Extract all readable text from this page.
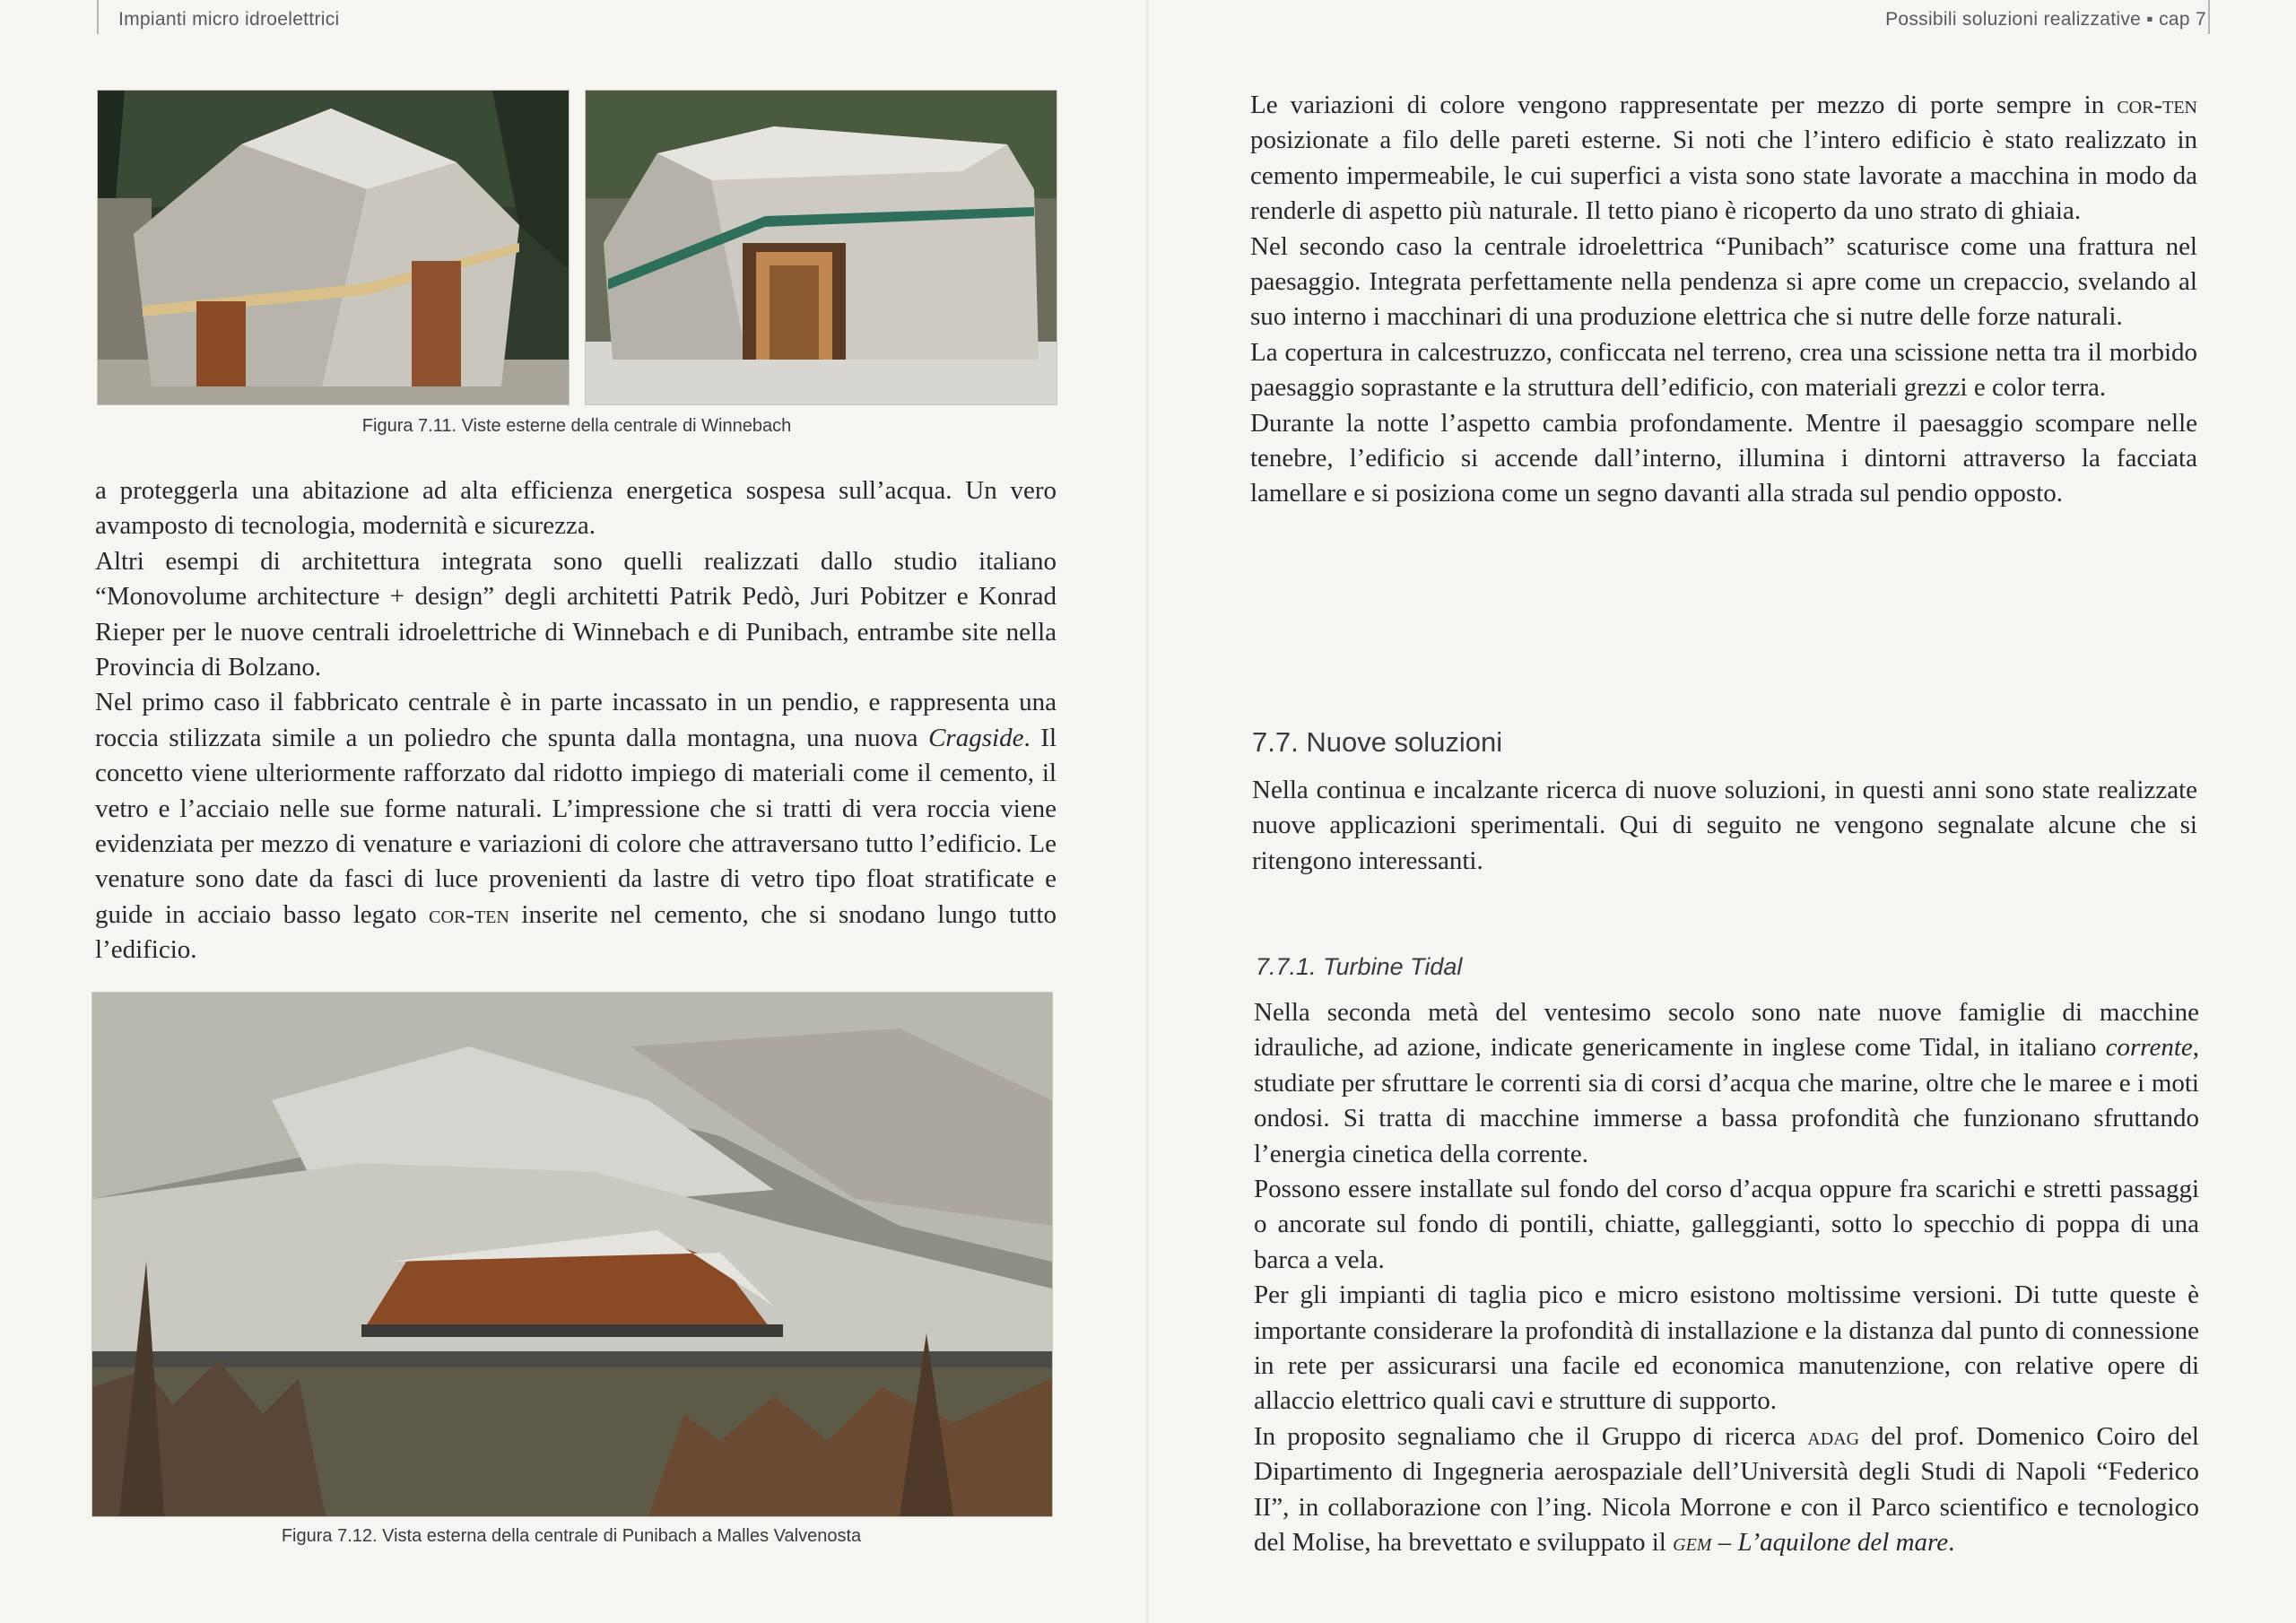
Impianti micro idroelettrici
Figura 7.11. Viste esterne della centrale di Winnebach

a proteggerla una abitazione ad alta efficienza energetica sospesa sull’acqua. Un vero avamposto di tecnologia, modernità e sicurezza.

Altri esempi di architettura integrata sono quelli realizzati dallo studio italiano “Monovolume architecture + design” degli architetti Patrik Pedò, Juri Pobitzer e Konrad Rieper per le nuove centrali idroelettriche di Winnebach e di Punibach, entrambe site nella Provincia di Bolzano.

Nel primo caso il fabbricato centrale è in parte incassato in un pendio, e rappresenta una roccia stilizzata simile a un poliedro che spunta dalla montagna, una nuova Cragside. Il concetto viene ulteriormente rafforzato dal ridotto impiego di materiali come il cemento, il vetro e l’acciaio nelle sue forme naturali. L’impressione che si tratti di vera roccia viene evidenziata per mezzo di venature e variazioni di colore che attraversano tutto l’edificio. Le venature sono date da fasci di luce provenienti da lastre di vetro tipo float stratificate e guide in acciaio basso legato cor-ten inserite nel cemento, che si snodano lungo tutto l’edificio.

Figura 7.12. Vista esterna della centrale di Punibach a Malles Valvenosta
Possibili soluzioni realizzative ▪ cap 7

Le variazioni di colore vengono rappresentate per mezzo di porte sempre in cor-ten posizionate a filo delle pareti esterne. Si noti che l’intero edificio è stato realizzato in cemento impermeabile, le cui superfici a vista sono state lavorate a macchina in modo da renderle di aspetto più naturale. Il tetto piano è ricoperto da uno strato di ghiaia.

Nel secondo caso la centrale idroelettrica “Punibach” scaturisce come una frattura nel paesaggio. Integrata perfettamente nella pendenza si apre come un crepaccio, svelando al suo interno i macchinari di una produzione elettrica che si nutre delle forze naturali.

La copertura in calcestruzzo, conficcata nel terreno, crea una scissione netta tra il morbido paesaggio soprastante e la struttura dell’edificio, con materiali grezzi e color terra.

Durante la notte l’aspetto cambia profondamente. Mentre il paesaggio scompare nelle tenebre, l’edificio si accende dall’interno, illumina i dintorni attraverso la facciata lamellare e si posiziona come un segno davanti alla strada sul pendio opposto.

7.7. Nuove soluzioni

Nella continua e incalzante ricerca di nuove soluzioni, in questi anni sono state realizzate nuove applicazioni sperimentali. Qui di seguito ne vengono segnalate alcune che si ritengono interessanti.

7.7.1. Turbine Tidal

Nella seconda metà del ventesimo secolo sono nate nuove famiglie di macchine idrauliche, ad azione, indicate genericamente in inglese come Tidal, in italiano corrente, studiate per sfruttare le correnti sia di corsi d’acqua che marine, oltre che le maree e i moti ondosi. Si tratta di macchine immerse a bassa profondità che funzionano sfruttando l’energia cinetica della corrente.

Possono essere installate sul fondo del corso d’acqua oppure fra scarichi e stretti passaggi o ancorate sul fondo di pontili, chiatte, galleggianti, sotto lo specchio di poppa di una barca a vela.

Per gli impianti di taglia pico e micro esistono moltissime versioni. Di tutte queste è importante considerare la profondità di installazione e la distanza dal punto di connessione in rete per assicurarsi una facile ed economica manutenzione, con relative opere di allaccio elettrico quali cavi e strutture di supporto.

In proposito segnaliamo che il Gruppo di ricerca adag del prof. Domenico Coiro del Dipartimento di Ingegneria aerospaziale dell’Università degli Studi di Napoli “Federico II”, in collaborazione con l’ing. Nicola Morrone e con il Parco scientifico e tecnologico del Molise, ha brevettato e sviluppato il gem – L’aquilone del mare.
